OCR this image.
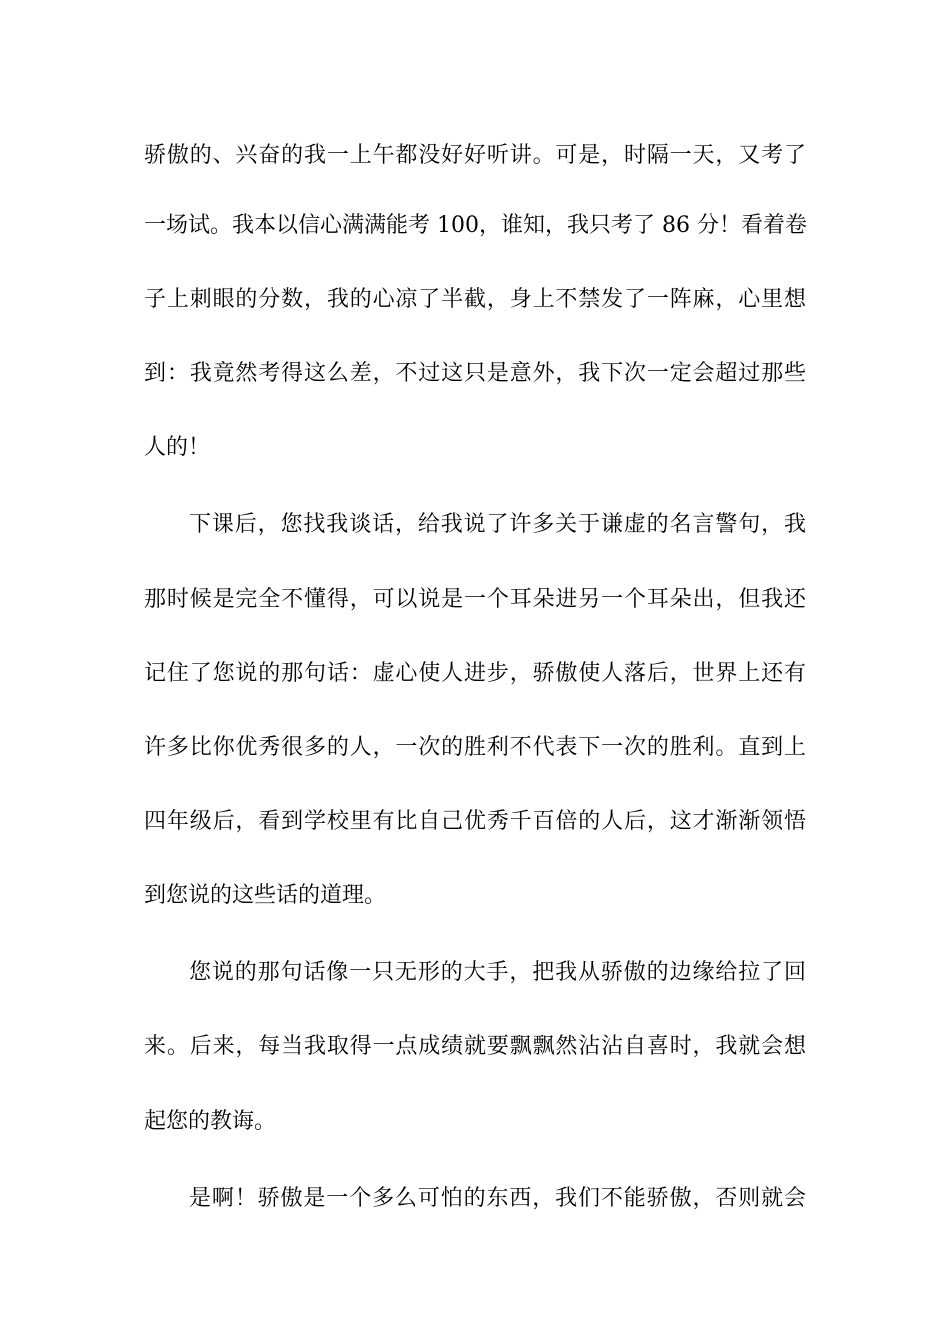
骄傲的、兴奋的我一上午都没好好听讲。可是，时隔一天，又考了
一场试。我本以信心满满能考 100，谁知，我只考了 86 分！看着卷
子上刺眼的分数，我的心凉了半截，身上不禁发了一阵麻，心里想
到：我竟然考得这么差，不过这只是意外，我下次一定会超过那些
人的！
下课后，您找我谈话，给我说了许多关于谦虚的名言警句，我
那时候是完全不懂得，可以说是一个耳朵进另一个耳朵出，但我还
记住了您说的那句话：虚心使人进步，骄傲使人落后，世界上还有
许多比你优秀很多的人，一次的胜利不代表下一次的胜利。直到上
四年级后，看到学校里有比自己优秀千百倍的人后，这才渐渐领悟
到您说的这些话的道理。
您说的那句话像一只无形的大手，把我从骄傲的边缘给拉了回
来。后来，每当我取得一点成绩就要飘飘然沾沾自喜时，我就会想
起您的教诲。
是啊！骄傲是一个多么可怕的东西，我们不能骄傲，否则就会
